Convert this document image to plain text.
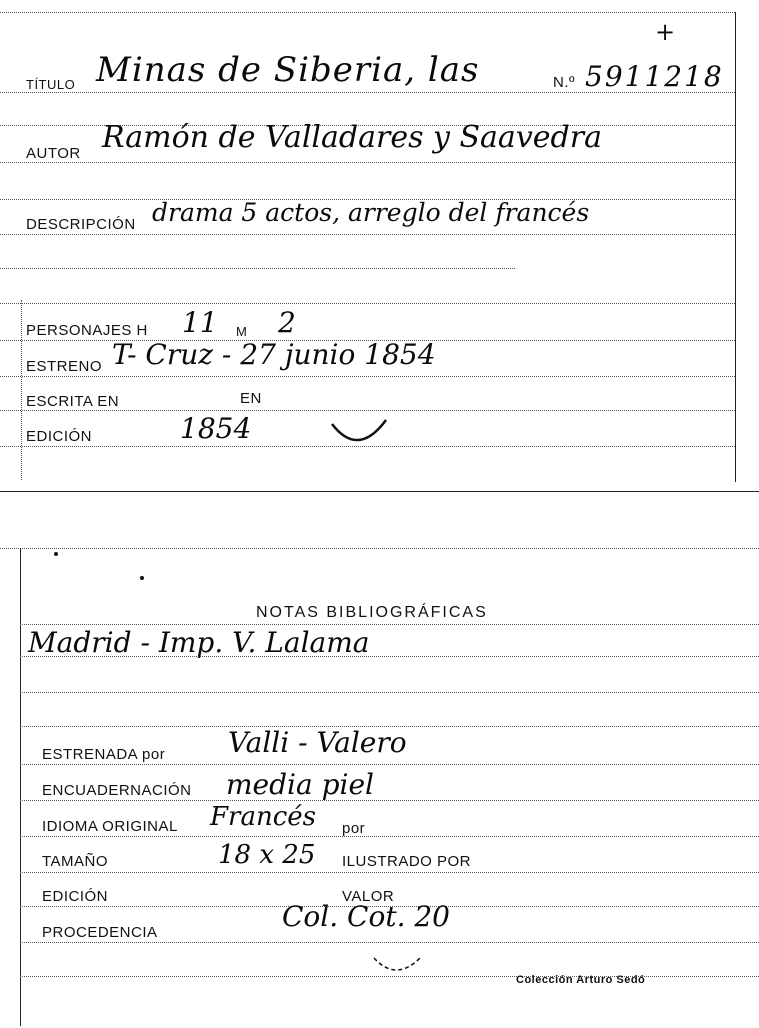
TÍTULO Minas de Siberia, las	N.º 5911218
+
AUTOR Ramón de Valladares y Saavedra
DESCRIPCIÓN drama 5 actos, arreglo del francés
PERSONAJES H 11 M 2
ESTRENO T- Cruz - 27 junio 1854
ESCRITA EN	EN
EDICIÓN	1854
NOTAS BIBLIOGRÁFICAS
Madrid - Imp. V. Lalama
ESTRENADA por Valli - Valero
ENCUADERNACIÓN media piel
IDIOMA ORIGINAL Francés por
TAMAÑO	18 x 25 ILUSTRADO POR
EDICIÓN	VALOR
PROCEDENCIA	Col. Cot. 20
Colección Arturo Sedó
